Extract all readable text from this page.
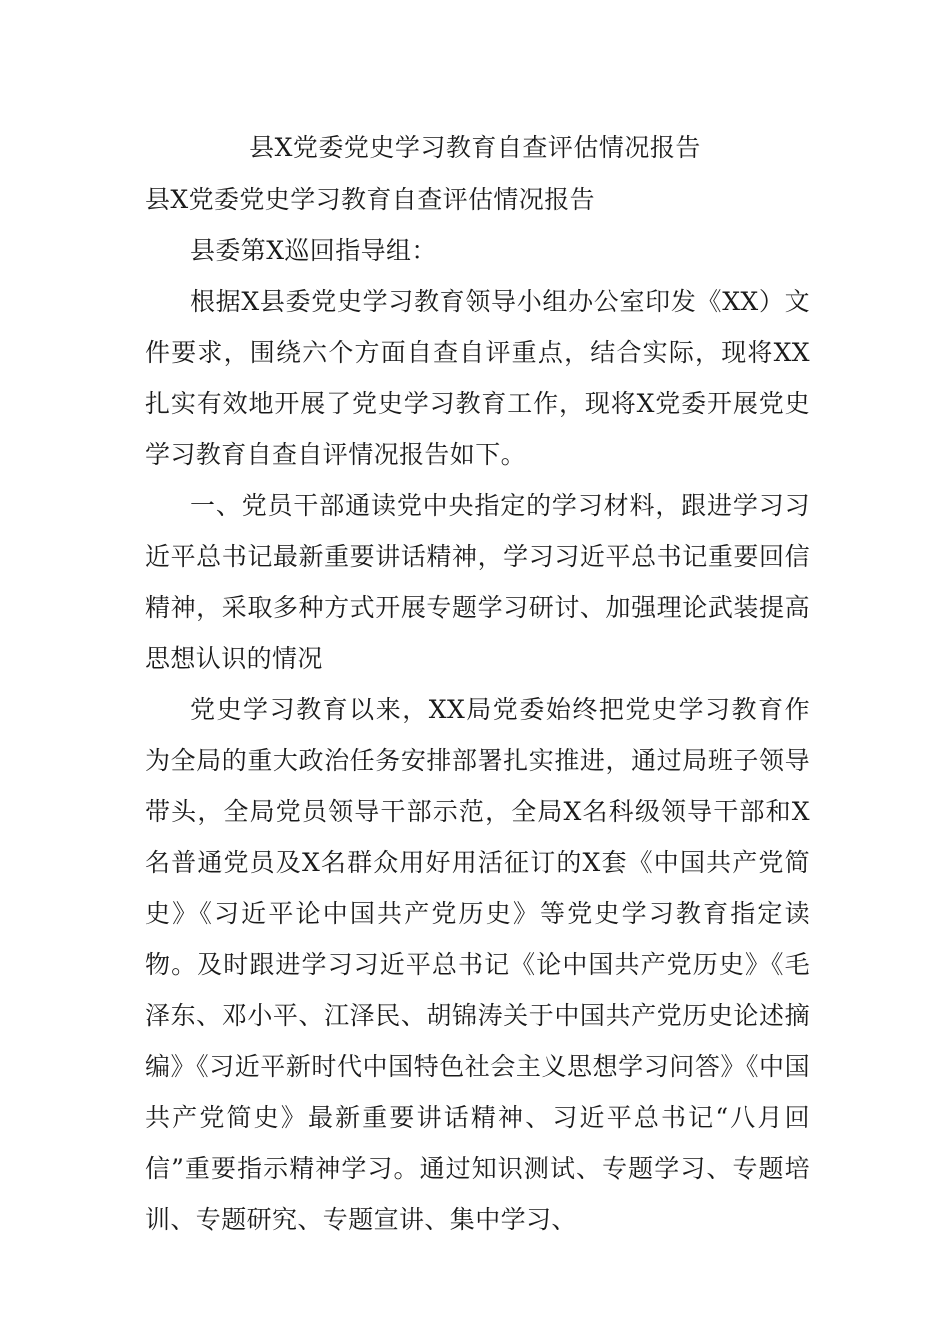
县X党委党史学习教育自查评估情况报告

县X党委党史学习教育自查评估情况报告

县委第X巡回指导组：

根据X县委党史学习教育领导小组办公室印发《XX）文件要求，围绕六个方面自查自评重点，结合实际，现将XX扎实有效地开展了党史学习教育工作，现将X党委开展党史学习教育自查自评情况报告如下。

一、党员干部通读党中央指定的学习材料，跟进学习习近平总书记最新重要讲话精神，学习习近平总书记重要回信精神，采取多种方式开展专题学习研讨、加强理论武装提高思想认识的情况

党史学习教育以来，XX局党委始终把党史学习教育作为全局的重大政治任务安排部署扎实推进，通过局班子领导带头，全局党员领导干部示范，全局X名科级领导干部和X名普通党员及X名群众用好用活征订的X套《中国共产党简史》《习近平论中国共产党历史》等党史学习教育指定读物。及时跟进学习习近平总书记《论中国共产党历史》《毛泽东、邓小平、江泽民、胡锦涛关于中国共产党历史论述摘编》《习近平新时代中国特色社会主义思想学习问答》《中国共产党简史》最新重要讲话精神、习近平总书记“八月回信”重要指示精神学习。通过知识测试、专题学习、专题培训、专题研究、专题宣讲、集中学习、
